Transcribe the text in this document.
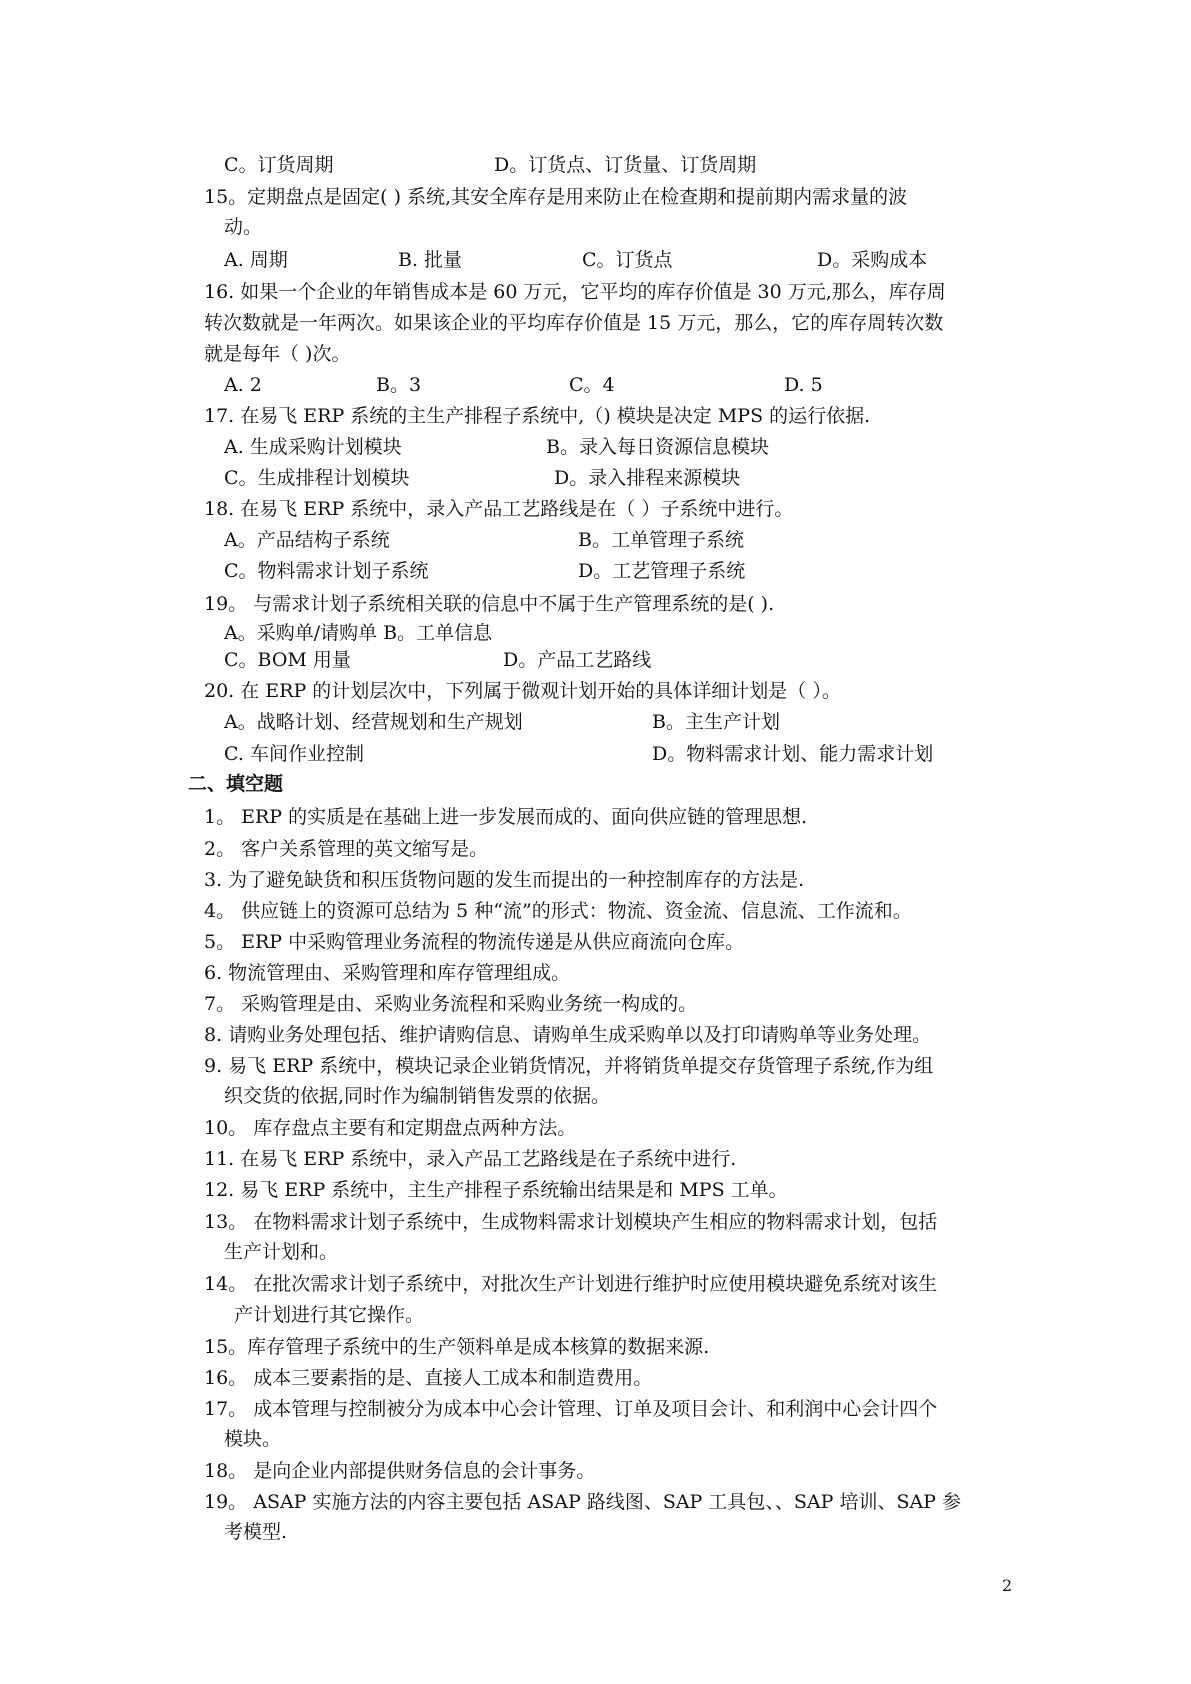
C。订货周期	D。订货点、订货量、订货周期
15。定期盘点是固定( ) 系统,其安全库存是用来防止在检查期和提前期内需求量的波
动。
A. 周期	B. 批量	C。订货点	D。采购成本
16. 如果一个企业的年销售成本是 60 万元，它平均的库存价值是 30 万元,那么，库存周
转次数就是一年两次。如果该企业的平均库存价值是 15 万元，那么，它的库存周转次数
就是每年（ )次。
A. 2	B。3	C。4	D. 5
17. 在易飞 ERP 系统的主生产排程子系统中,（) 模块是决定 MPS 的运行依据.
A. 生成采购计划模块	B。录入每日资源信息模块
C。生成排程计划模块	D。录入排程来源模块
18. 在易飞 ERP 系统中，录入产品工艺路线是在（ ）子系统中进行。
A。产品结构子系统	B。工单管理子系统
C。物料需求计划子系统	D。工艺管理子系统
19。 与需求计划子系统相关联的信息中不属于生产管理系统的是( ).
A。采购单/请购单 B。工单信息
C。BOM 用量	D。产品工艺路线
20. 在 ERP 的计划层次中，下列属于微观计划开始的具体详细计划是（ ）。
A。战略计划、经营规划和生产规划	B。主生产计划
C. 车间作业控制	D。物料需求计划、能力需求计划
二、填空题
1。 ERP 的实质是在基础上进一步发展而成的、面向供应链的管理思想.
2。 客户关系管理的英文缩写是。
3. 为了避免缺货和积压货物问题的发生而提出的一种控制库存的方法是.
4。 供应链上的资源可总结为 5 种“流”的形式：物流、资金流、信息流、工作流和。
5。 ERP 中采购管理业务流程的物流传递是从供应商流向仓库。
6. 物流管理由、采购管理和库存管理组成。
7。 采购管理是由、采购业务流程和采购业务统一构成的。
8. 请购业务处理包括、维护请购信息、请购单生成采购单以及打印请购单等业务处理。
9. 易飞 ERP 系统中，模块记录企业销货情况，并将销货单提交存货管理子系统,作为组
织交货的依据,同时作为编制销售发票的依据。
10。 库存盘点主要有和定期盘点两种方法。
11. 在易飞 ERP 系统中，录入产品工艺路线是在子系统中进行.
12. 易飞 ERP 系统中，主生产排程子系统输出结果是和 MPS 工单。
13。 在物料需求计划子系统中，生成物料需求计划模块产生相应的物料需求计划，包括
生产计划和。
14。 在批次需求计划子系统中，对批次生产计划进行维护时应使用模块避免系统对该生
产计划进行其它操作。
15。库存管理子系统中的生产领料单是成本核算的数据来源.
16。 成本三要素指的是、直接人工成本和制造费用。
17。 成本管理与控制被分为成本中心会计管理、订单及项目会计、和利润中心会计四个
模块。
18。 是向企业内部提供财务信息的会计事务。
19。 ASAP 实施方法的内容主要包括 ASAP 路线图、SAP 工具包、、SAP 培训、SAP 参
考模型.
2
